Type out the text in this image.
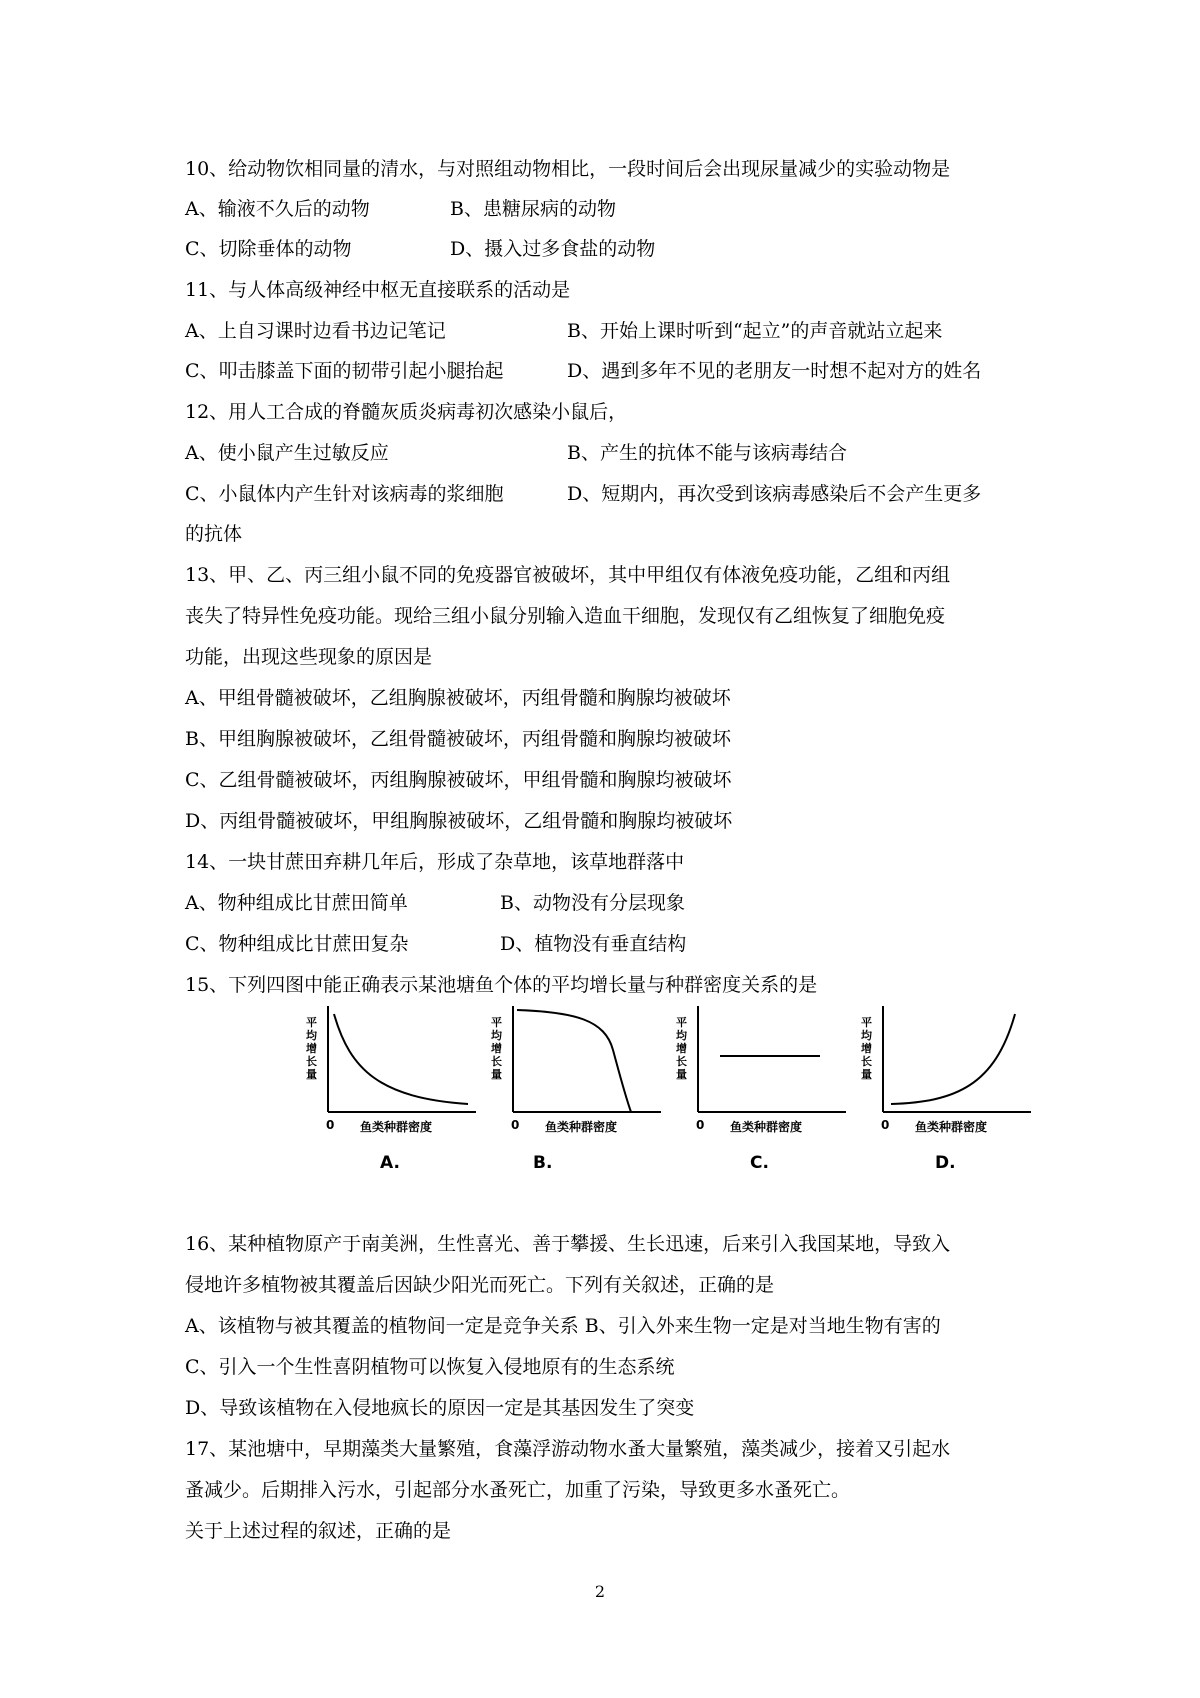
10、给动物饮相同量的清水，与对照组动物相比，一段时间后会出现尿量减少的实验动物是
A、输液不久后的动物	B、患糖尿病的动物
C、切除垂体的动物	D、摄入过多食盐的动物
11、与人体高级神经中枢无直接联系的活动是
A、上自习课时边看书边记笔记	B、开始上课时听到“起立”的声音就站立起来
C、叩击膝盖下面的韧带引起小腿抬起	D、遇到多年不见的老朋友一时想不起对方的姓名
12、用人工合成的脊髓灰质炎病毒初次感染小鼠后，
A、使小鼠产生过敏反应	B、产生的抗体不能与该病毒结合
C、小鼠体内产生针对该病毒的浆细胞	D、短期内，再次受到该病毒感染后不会产生更多
的抗体
13、甲、乙、丙三组小鼠不同的免疫器官被破坏，其中甲组仅有体液免疫功能，乙组和丙组
丧失了特异性免疫功能。现给三组小鼠分别输入造血干细胞，发现仅有乙组恢复了细胞免疫
功能，出现这些现象的原因是
A、甲组骨髓被破坏，乙组胸腺被破坏，丙组骨髓和胸腺均被破坏
B、甲组胸腺被破坏，乙组骨髓被破坏，丙组骨髓和胸腺均被破坏
C、乙组骨髓被破坏，丙组胸腺被破坏，甲组骨髓和胸腺均被破坏
D、丙组骨髓被破坏，甲组胸腺被破坏，乙组骨髓和胸腺均被破坏
14、一块甘蔗田弃耕几年后，形成了杂草地，该草地群落中
A、物种组成比甘蔗田简单	B、动物没有分层现象
C、物种组成比甘蔗田复杂	D、植物没有垂直结构
15、下列四图中能正确表示某池塘鱼个体的平均增长量与种群密度关系的是
平均增长量
0 鱼类种群密度
A.
平均增长量
0 鱼类种群密度
B.
平均增长量
0 鱼类种群密度
C.
平均增长量
0 鱼类种群密度
D.
16、某种植物原产于南美洲，生性喜光、善于攀援、生长迅速，后来引入我国某地，导致入
侵地许多植物被其覆盖后因缺少阳光而死亡。下列有关叙述，正确的是
A、该植物与被其覆盖的植物间一定是竞争关系 B、引入外来生物一定是对当地生物有害的
C、引入一个生性喜阴植物可以恢复入侵地原有的生态系统
D、导致该植物在入侵地疯长的原因一定是其基因发生了突变
17、某池塘中，早期藻类大量繁殖，食藻浮游动物水蚤大量繁殖，藻类减少，接着又引起水
蚤减少。后期排入污水，引起部分水蚤死亡，加重了污染，导致更多水蚤死亡。
关于上述过程的叙述，正确的是
2
